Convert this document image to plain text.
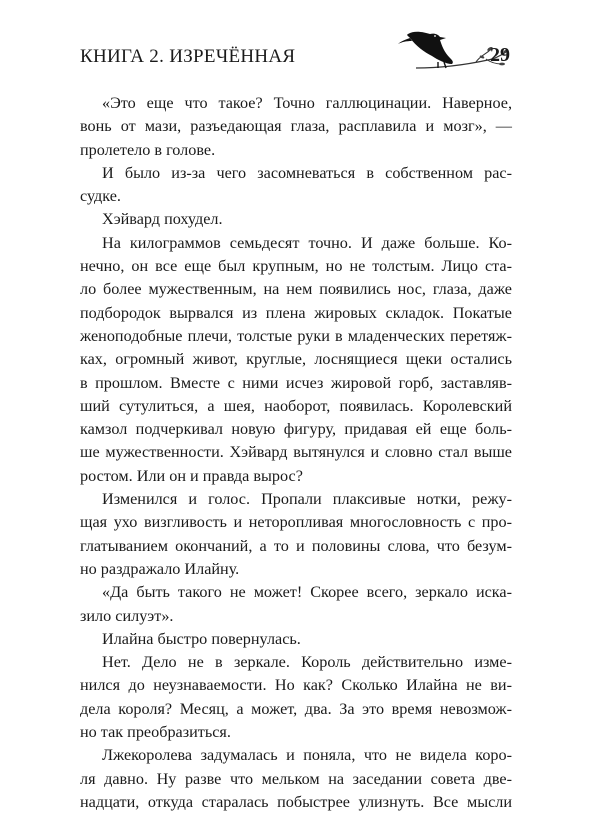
КНИГА 2. ИЗРЕЧЁННАЯ	29
«Это еще что такое? Точно галлюцинации. Наверное,
вонь от мази, разъедающая глаза, расплавила и мозг», —
пролетело в голове.
И было из-за чего засомневаться в собственном рас-
судке.
Хэйвард похудел.
На килограммов семьдесят точно. И даже больше. Ко-
нечно, он все еще был крупным, но не толстым. Лицо ста-
ло более мужественным, на нем появились нос, глаза, даже
подбородок вырвался из плена жировых складок. Покатые
женоподобные плечи, толстые руки в младенческих перетяж-
ках, огромный живот, круглые, лоснящиеся щеки остались
в прошлом. Вместе с ними исчез жировой горб, заставляв-
ший сутулиться, а шея, наоборот, появилась. Королевский
камзол подчеркивал новую фигуру, придавая ей еще боль-
ше мужественности. Хэйвард вытянулся и словно стал выше
ростом. Или он и правда вырос?
Изменился и голос. Пропали плаксивые нотки, режу-
щая ухо визгливость и неторопливая многословность с про-
глатыванием окончаний, а то и половины слова, что безум-
но раздражало Илайну.
«Да быть такого не может! Скорее всего, зеркало иска-
зило силуэт».
Илайна быстро повернулась.
Нет. Дело не в зеркале. Король действительно изме-
нился до неузнаваемости. Но как? Сколько Илайна не ви-
дела короля? Месяц, а может, два. За это время невозмож-
но так преобразиться.
Лжекоролева задумалась и поняла, что не видела коро-
ля давно. Ну разве что мельком на заседании совета две-
надцати, откуда старалась побыстрее улизнуть. Все мысли
